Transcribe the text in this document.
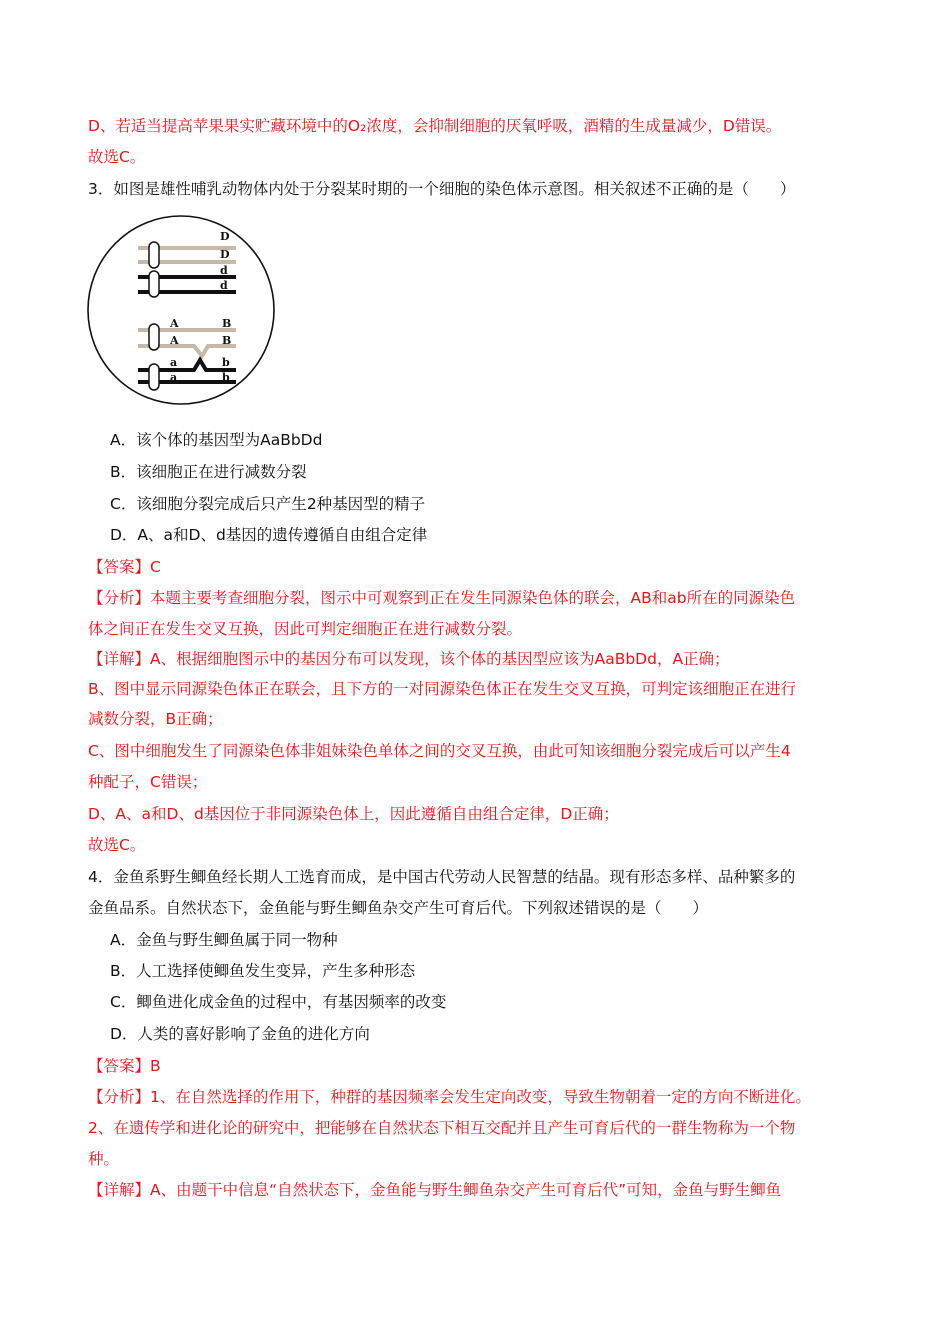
D、若适当提高苹果果实贮藏环境中的O₂浓度，会抑制细胞的厌氧呼吸，酒精的生成量减少，D错误。
故选C。
3．如图是雄性哺乳动物体内处于分裂某时期的一个细胞的染色体示意图。相关叙述不正确的是（　　）
D
D
d
d
A	B
A	B
a	b
a	b
A．该个体的基因型为AaBbDd
B．该细胞正在进行减数分裂
C．该细胞分裂完成后只产生2种基因型的精子
D．A、a和D、d基因的遗传遵循自由组合定律
【答案】C
【分析】本题主要考查细胞分裂，图示中可观察到正在发生同源染色体的联会，AB和ab所在的同源染色
体之间正在发生交叉互换，因此可判定细胞正在进行减数分裂。
【详解】A、根据细胞图示中的基因分布可以发现，该个体的基因型应该为AaBbDd，A正确；
B、图中显示同源染色体正在联会，且下方的一对同源染色体正在发生交叉互换，可判定该细胞正在进行
减数分裂，B正确；
C、图中细胞发生了同源染色体非姐妹染色单体之间的交叉互换，由此可知该细胞分裂完成后可以产生4
种配子，C错误；
D、A、a和D、d基因位于非同源染色体上，因此遵循自由组合定律，D正确；
故选C。
4．金鱼系野生鲫鱼经长期人工选育而成，是中国古代劳动人民智慧的结晶。现有形态多样、品种繁多的
金鱼品系。自然状态下，金鱼能与野生鲫鱼杂交产生可育后代。下列叙述错误的是（　　）
A．金鱼与野生鲫鱼属于同一物种
B．人工选择使鲫鱼发生变异，产生多种形态
C．鲫鱼进化成金鱼的过程中，有基因频率的改变
D．人类的喜好影响了金鱼的进化方向
【答案】B
【分析】1、在自然选择的作用下，种群的基因频率会发生定向改变，导致生物朝着一定的方向不断进化。
2、在遗传学和进化论的研究中，把能够在自然状态下相互交配并且产生可育后代的一群生物称为一个物
种。
【详解】A、由题干中信息“自然状态下，金鱼能与野生鲫鱼杂交产生可育后代”可知，金鱼与野生鲫鱼
